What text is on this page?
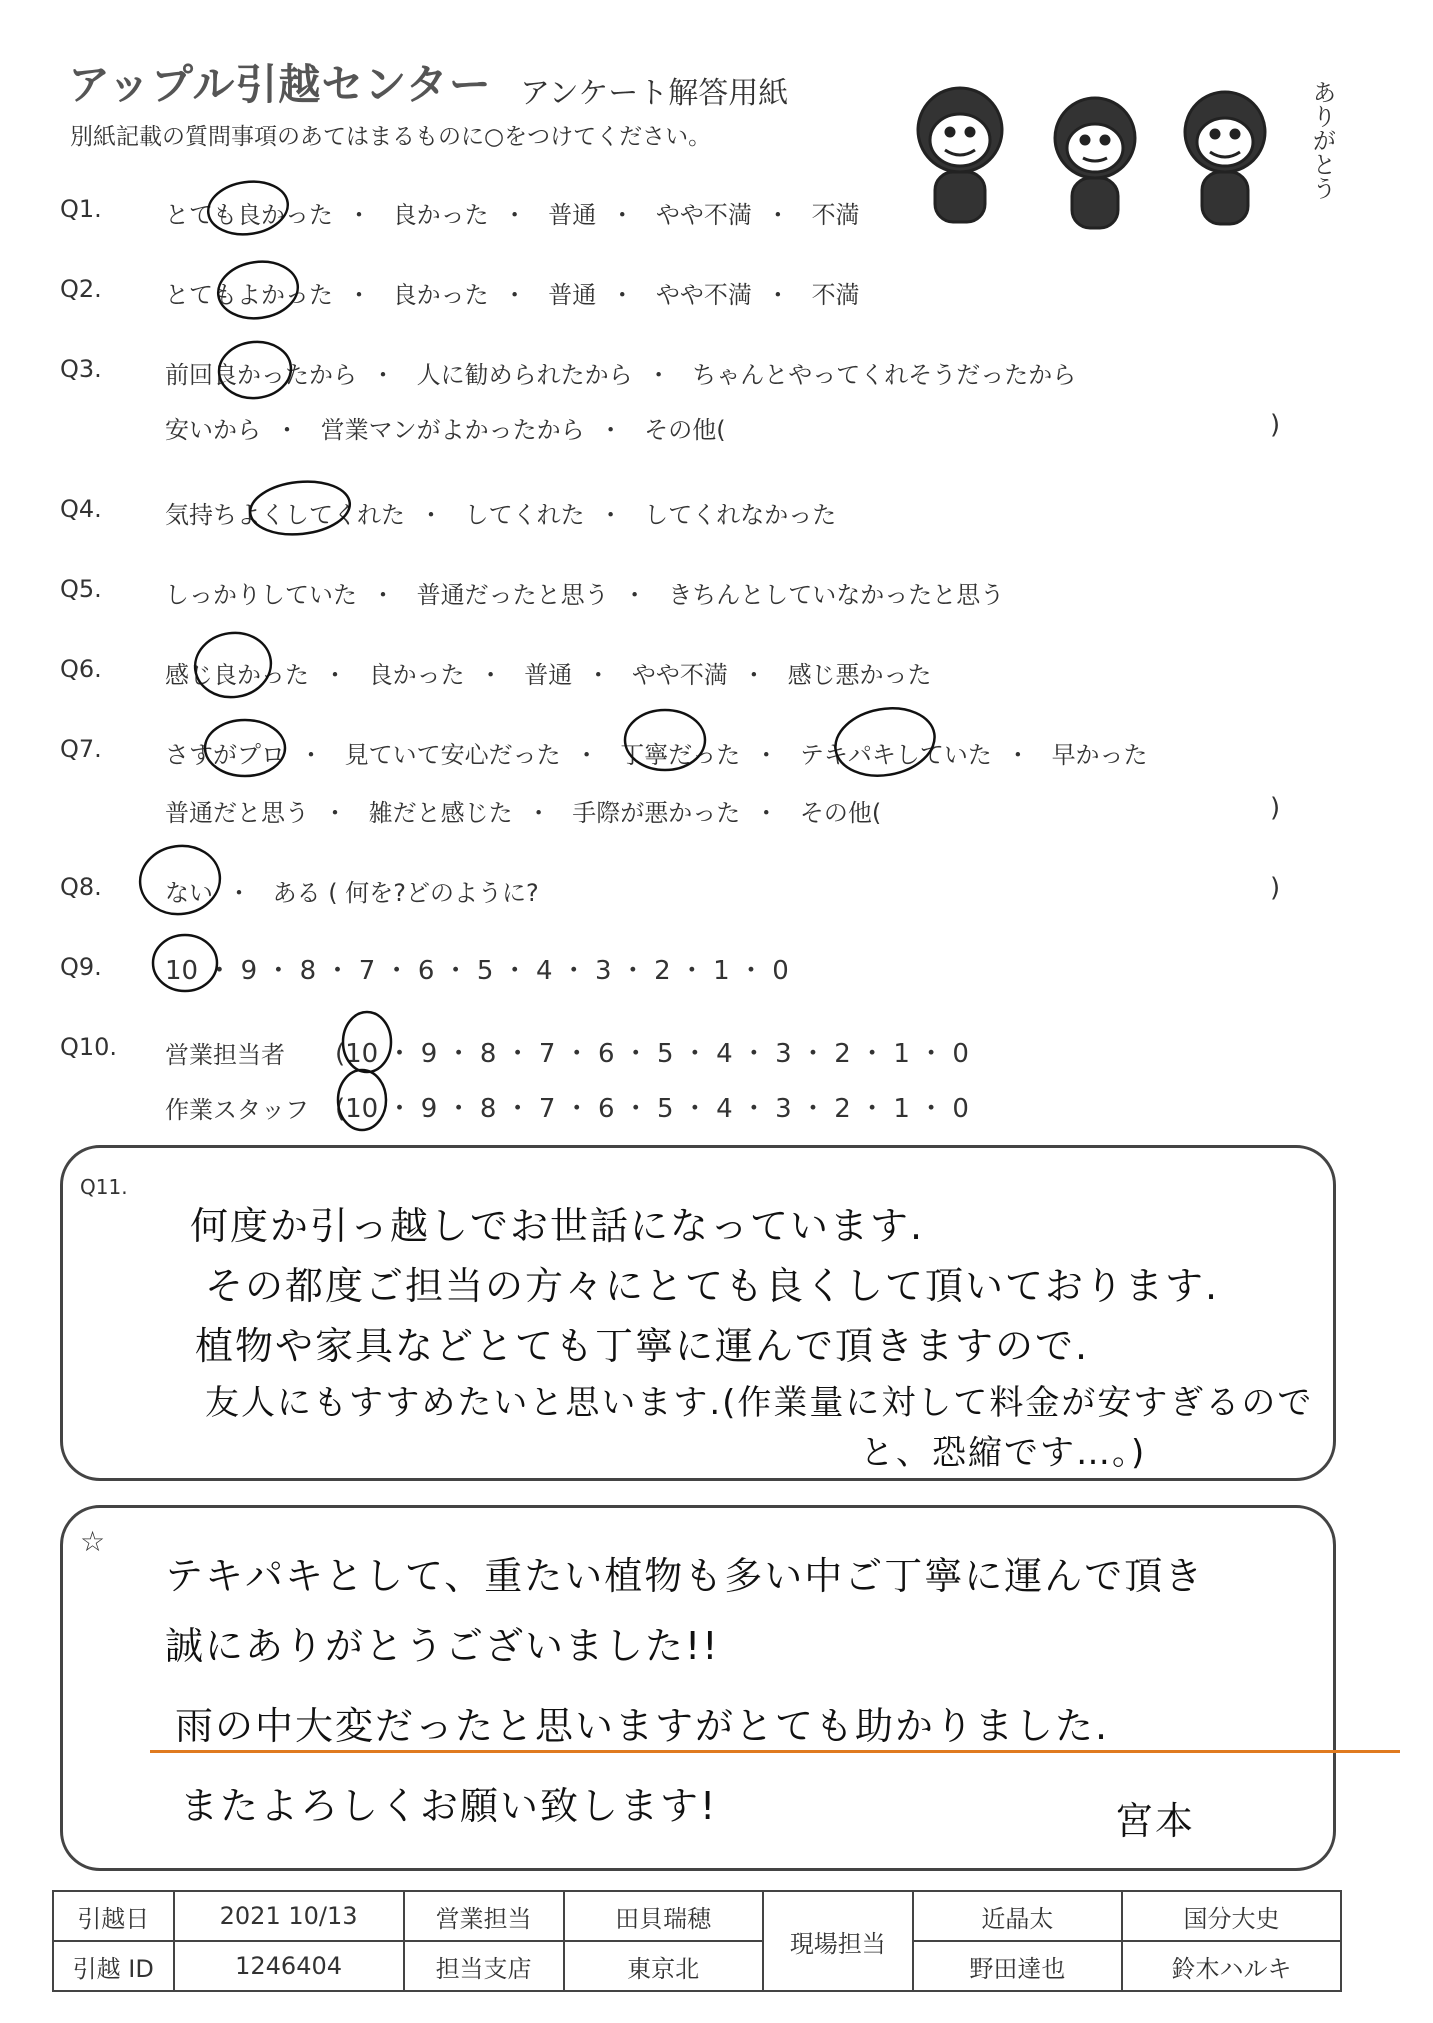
アップル引越センター アンケート解答用紙
別紙記載の質問事項のあてはまるものに○をつけてください。	ありがとう
Q1.	とても良かった ・ 良かった ・ 普通 ・ やや不満 ・ 不満
Q2.	とてもよかった ・ 良かった ・ 普通 ・ やや不満 ・ 不満
Q3.	前回良かったから ・ 人に勧められたから ・ ちゃんとやってくれそうだったから
安いから ・ 営業マンがよかったから ・ その他(	)
Q4.	気持ちよくしてくれた ・ してくれた ・ してくれなかった
Q5.	しっかりしていた ・ 普通だったと思う ・ きちんとしていなかったと思う
Q6.	感じ良かった ・ 良かった ・ 普通 ・ やや不満 ・ 感じ悪かった
Q7.	さすがプロ ・ 見ていて安心だった ・ 丁寧だった ・ テキパキしていた ・ 早かった
普通だと思う ・ 雑だと感じた ・ 手際が悪かった ・ その他(	)
Q8.	ない ・ ある ( 何を?どのように?	)
Q9. 10 ・ 9 ・ 8 ・ 7 ・ 6 ・ 5 ・ 4 ・ 3 ・ 2 ・ 1 ・ 0
Q10. 営業担当者 (10 ・ 9 ・ 8 ・ 7 ・ 6 ・ 5 ・ 4 ・ 3 ・ 2 ・ 1 ・ 0
作業スタッフ (10 ・ 9 ・ 8 ・ 7 ・ 6 ・ 5 ・ 4 ・ 3 ・ 2 ・ 1 ・ 0
Q11.
何度か引っ越しでお世話になっています.
その都度ご担当の方々にとても良くして頂いております.
植物や家具などとても丁寧に運んで頂きますので.
友人にもすすめたいと思います.(作業量に対して料金が安すぎるので
と、恐縮です…。)
☆
テキパキとして、重たい植物も多い中ご丁寧に運んで頂き
誠にありがとうございました!!
雨の中大変だったと思いますがとても助かりました.
またよろしくお願い致します!	宮本
引越日	2021 10/13	営業担当	田貝瑞穂	現場担当	近晶太	国分大史
引越 ID	1246404	担当支店	東京北		野田達也	鈴木ハルキ
